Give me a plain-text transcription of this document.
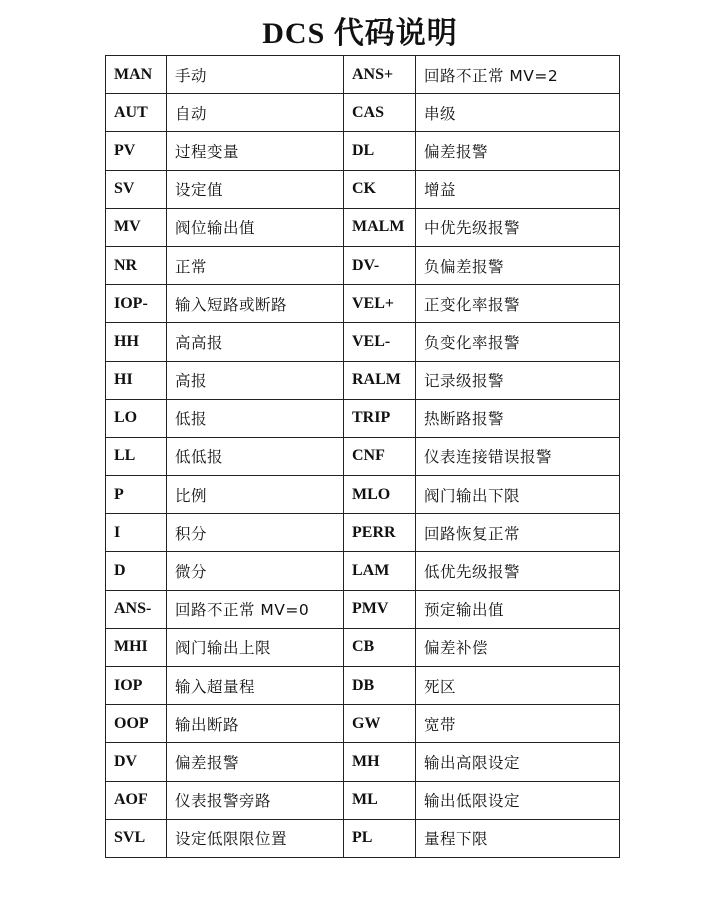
DCS 代码说明
MAN	手动	ANS+	回路不正常 MV=2
AUT	自动	CAS	串级
PV	过程变量	DL	偏差报警
SV	设定值	CK	增益
MV	阀位输出值	MALM	中优先级报警
NR	正常	DV-	负偏差报警
IOP-	输入短路或断路	VEL+	正变化率报警
HH	高高报	VEL-	负变化率报警
HI	高报	RALM	记录级报警
LO	低报	TRIP	热断路报警
LL	低低报	CNF	仪表连接错误报警
P	比例	MLO	阀门输出下限
I	积分	PERR	回路恢复正常
D	微分	LAM	低优先级报警
ANS-	回路不正常 MV=0	PMV	预定输出值
MHI	阀门输出上限	CB	偏差补偿
IOP	输入超量程	DB	死区
OOP	输出断路	GW	宽带
DV	偏差报警	MH	输出高限设定
AOF	仪表报警旁路	ML	输出低限设定
SVL	设定低限限位置	PL	量程下限
